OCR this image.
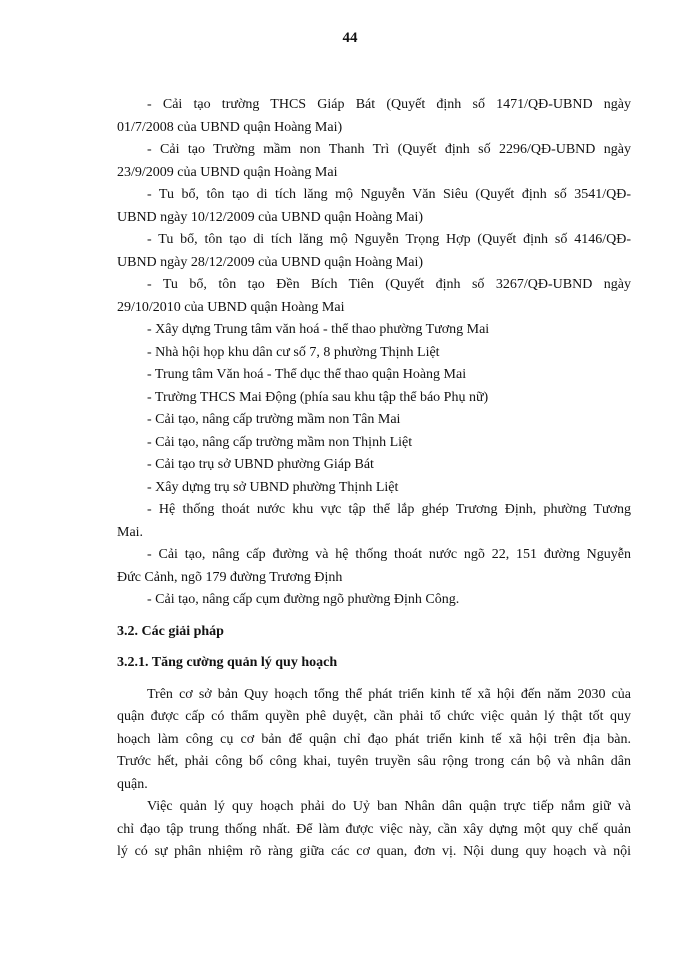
44
- Cải tạo trường THCS Giáp Bát (Quyết định số 1471/QĐ-UBND ngày
01/7/2008 của UBND quận Hoàng Mai)
- Cải tạo Trường mầm non Thanh Trì (Quyết định số 2296/QĐ-UBND ngày
23/9/2009 của UBND quận Hoàng Mai
- Tu bổ, tôn tạo di tích lăng mộ Nguyễn Văn Siêu (Quyết định số 3541/QĐ-
UBND ngày 10/12/2009 của UBND quận Hoàng Mai)
- Tu bổ, tôn tạo di tích lăng mộ Nguyễn Trọng Hợp (Quyết định số 4146/QĐ-
UBND ngày 28/12/2009 của UBND quận Hoàng Mai)
- Tu bổ, tôn tạo Đền Bích Tiên (Quyết định số 3267/QĐ-UBND ngày
29/10/2010 của UBND quận Hoàng Mai
- Xây dựng Trung tâm văn hoá - thể thao phường Tương Mai
- Nhà hội họp khu dân cư số 7, 8 phường Thịnh Liệt
- Trung tâm Văn hoá - Thể dục thể thao quận Hoàng Mai
- Trường THCS Mai Động (phía sau khu tập thể báo Phụ nữ)
- Cải tạo, nâng cấp trường mầm non Tân Mai
- Cải tạo, nâng cấp trường mầm non Thịnh Liệt
- Cải tạo trụ sở UBND phường Giáp Bát
- Xây dựng trụ sở UBND phường Thịnh Liệt
- Hệ thống thoát nước khu vực tập thể lắp ghép Trương Định, phường Tương
Mai.
- Cải tạo, nâng cấp đường và hệ thống thoát nước ngõ 22, 151 đường Nguyễn
Đức Cảnh, ngõ 179 đường Trương Định
- Cải tạo, nâng cấp cụm đường ngõ phường Định Công.
3.2. Các giải pháp
3.2.1. Tăng cường quản lý quy hoạch
Trên cơ sở bản Quy hoạch tổng thể phát triển kinh tế xã hội đến năm 2030 của
quận được cấp có thẩm quyền phê duyệt, cần phải tổ chức việc quản lý thật tốt quy
hoạch làm công cụ cơ bản để quận chỉ đạo phát triển kinh tế xã hội trên địa bàn.
Trước hết, phải công bố công khai, tuyên truyền sâu rộng trong cán bộ và nhân dân
quận.
Việc quản lý quy hoạch phải do Uỷ ban Nhân dân quận trực tiếp nắm giữ và
chỉ đạo tập trung thống nhất. Để làm được việc này, cần xây dựng một quy chế quản
lý có sự phân nhiệm rõ ràng giữa các cơ quan, đơn vị. Nội dung quy hoạch và nội
